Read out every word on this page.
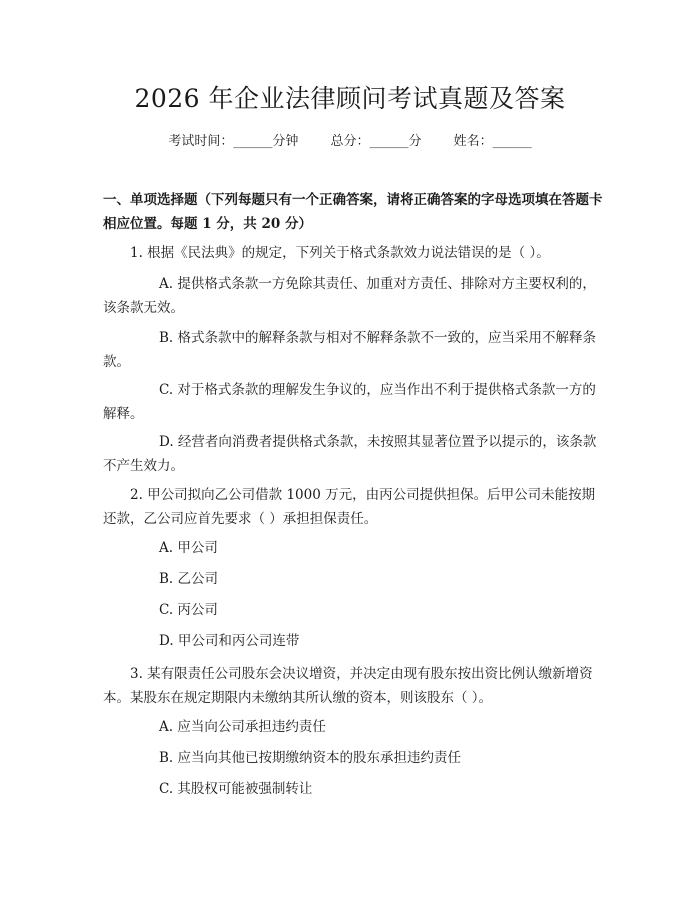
2026 年企业法律顾问考试真题及答案
考试时间：______分钟 总分：______分 姓名：______
一、单项选择题（下列每题只有一个正确答案，请将正确答案的字母选项填在答题卡相应位置。每题 1 分，共 20 分）
1. 根据《民法典》的规定，下列关于格式条款效力说法错误的是（ ）。
A. 提供格式条款一方免除其责任、加重对方责任、排除对方主要权利的，该条款无效。
B. 格式条款中的解释条款与相对不解释条款不一致的，应当采用不解释条款。
C. 对于格式条款的理解发生争议的，应当作出不利于提供格式条款一方的解释。
D. 经营者向消费者提供格式条款，未按照其显著位置予以提示的，该条款不产生效力。
2. 甲公司拟向乙公司借款 1000 万元，由丙公司提供担保。后甲公司未能按期还款，乙公司应首先要求（ ）承担担保责任。
A. 甲公司
B. 乙公司
C. 丙公司
D. 甲公司和丙公司连带
3. 某有限责任公司股东会决议增资，并决定由现有股东按出资比例认缴新增资本。某股东在规定期限内未缴纳其所认缴的资本，则该股东（ ）。
A. 应当向公司承担违约责任
B. 应当向其他已按期缴纳资本的股东承担违约责任
C. 其股权可能被强制转让
